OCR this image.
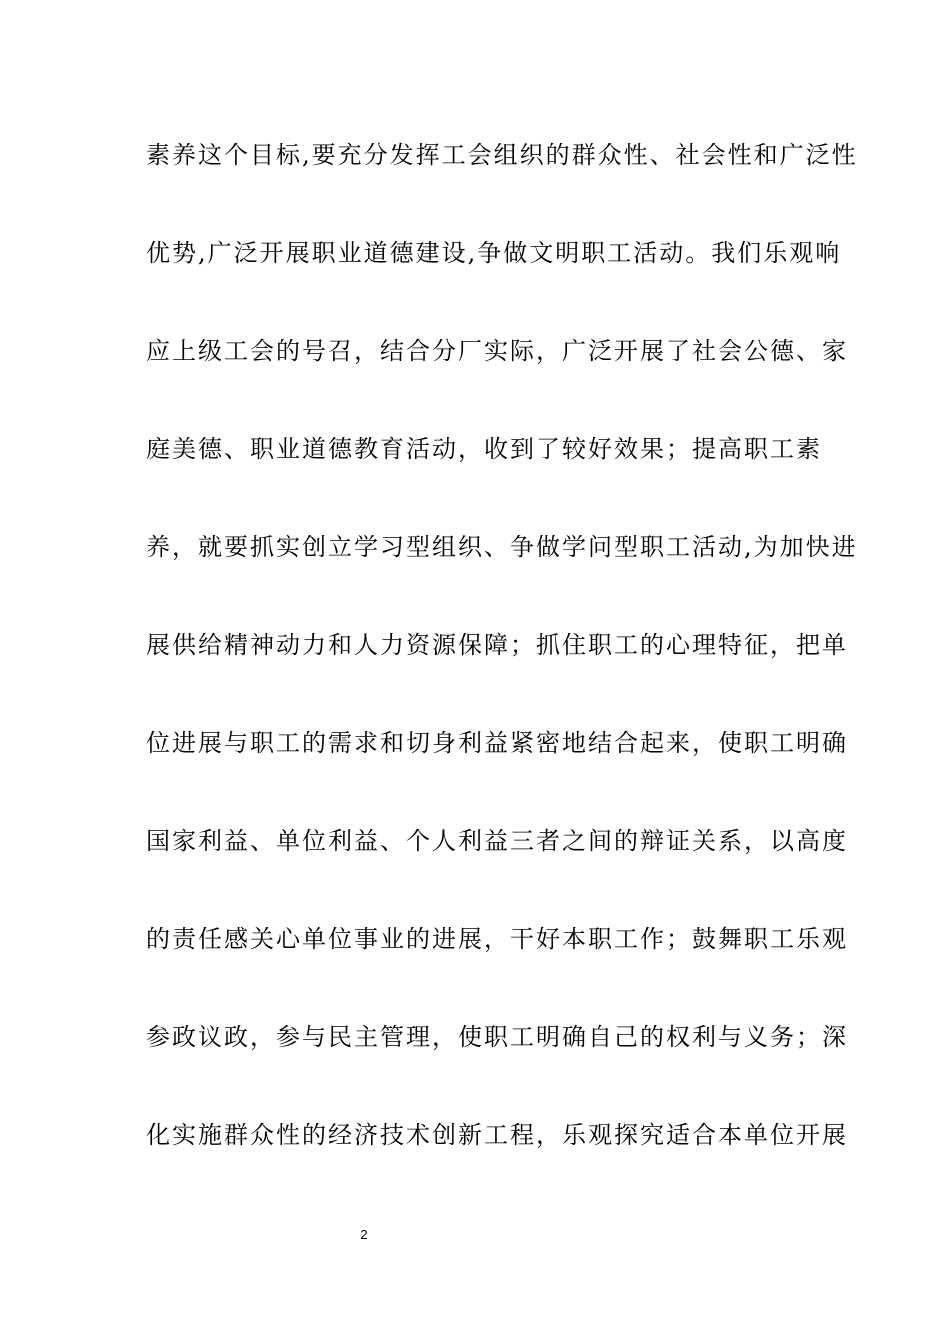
素养这个目标,要充分发挥工会组织的群众性、社会性和广泛性
优势,广泛开展职业道德建设,争做文明职工活动。我们乐观响
应上级工会的号召，结合分厂实际，广泛开展了社会公德、家
庭美德、职业道德教育活动，收到了较好效果；提高职工素
养，就要抓实创立学习型组织、争做学问型职工活动,为加快进
展供给精神动力和人力资源保障；抓住职工的心理特征，把单
位进展与职工的需求和切身利益紧密地结合起来，使职工明确
国家利益、单位利益、个人利益三者之间的辩证关系，以高度
的责任感关心单位事业的进展，干好本职工作；鼓舞职工乐观
参政议政，参与民主管理，使职工明确自己的权利与义务；深
化实施群众性的经济技术创新工程，乐观探究适合本单位开展
2
